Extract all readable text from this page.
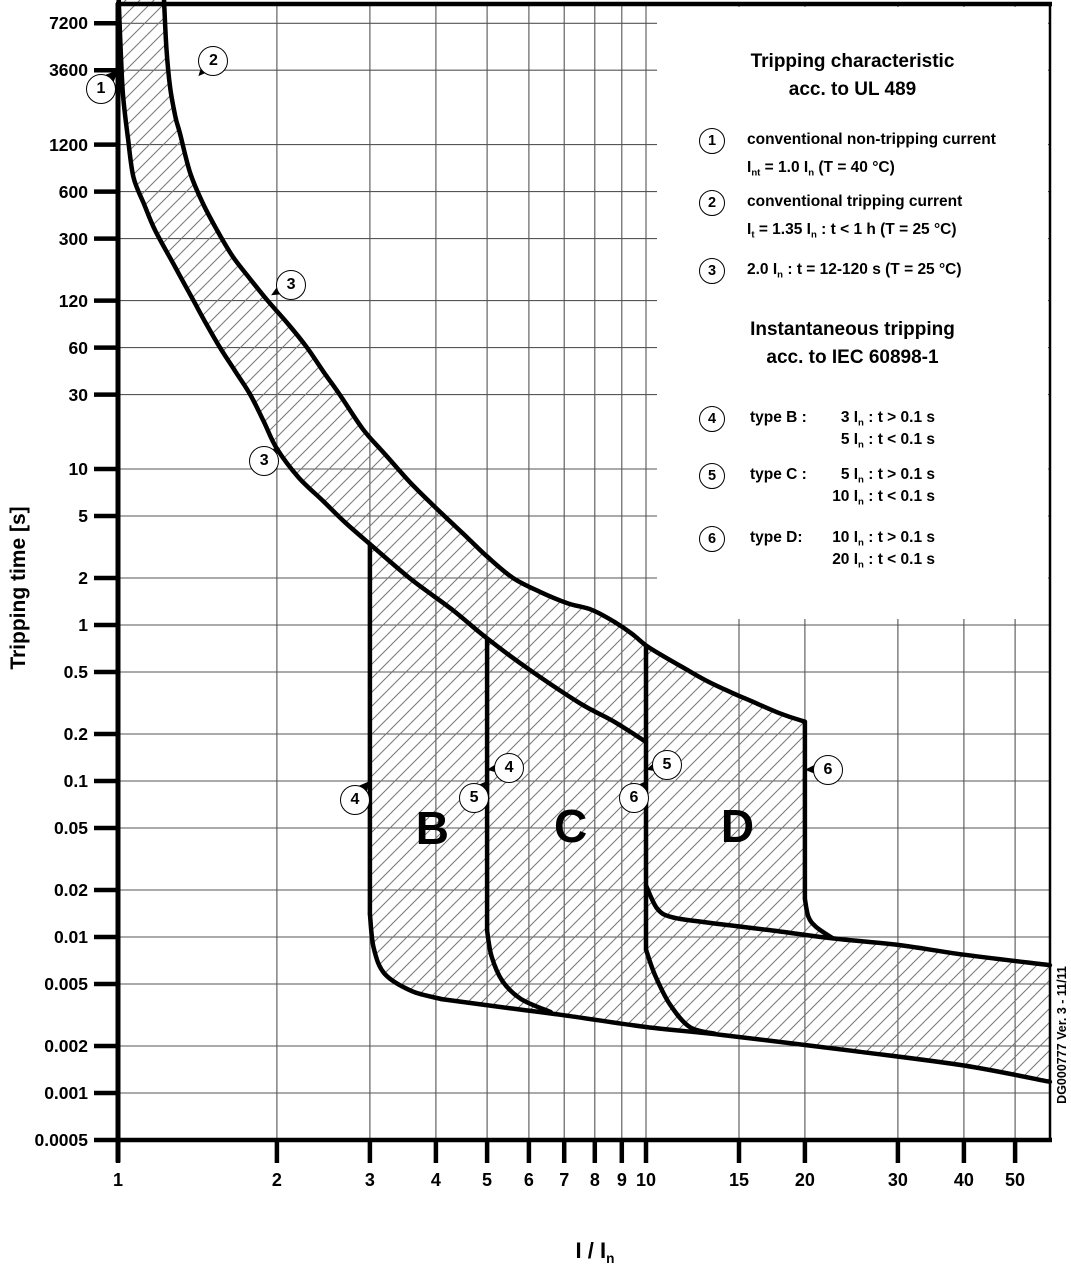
7200
3600
1200
600
300
120
60
30
10
5
2
1
0.5
0.2
0.1
0.05
0.02
0.01
0.005
0.002
0.001
0.0005
1	2	3	4	5	6	7	8 9 10	15	20	30	40	50
1
2
3
3
4
4
5
5
6
6
B C	D
Tripping time [s]
I / $I_n$
Tripping characteristic
acc. to UL 489
1	conventional non-tripping current
$I_{nt} = 1.0$ $I_n$ (T = 40 °C)
2	conventional tripping current
$I_t = 1.35$ $I_n$ : t < 1 h (T = 25 °C)
3	2.0 $I_n$ : t = 12-120 s (T = 25 °C)
Instantaneous tripping
acc. to IEC 60898-1
4	type B :	3 $I_n$ : t > 0.1 s
5 $I_n$ : t < 0.1 s
5	type C :	5 $I_n$ : t > 0.1 s
10 $I_n$ : t < 0.1 s
6	type D:	10 $I_n$ : t > 0.1 s
20 $I_n$ : t < 0.1 s
DG000777 Ver. 3 - 11/11
